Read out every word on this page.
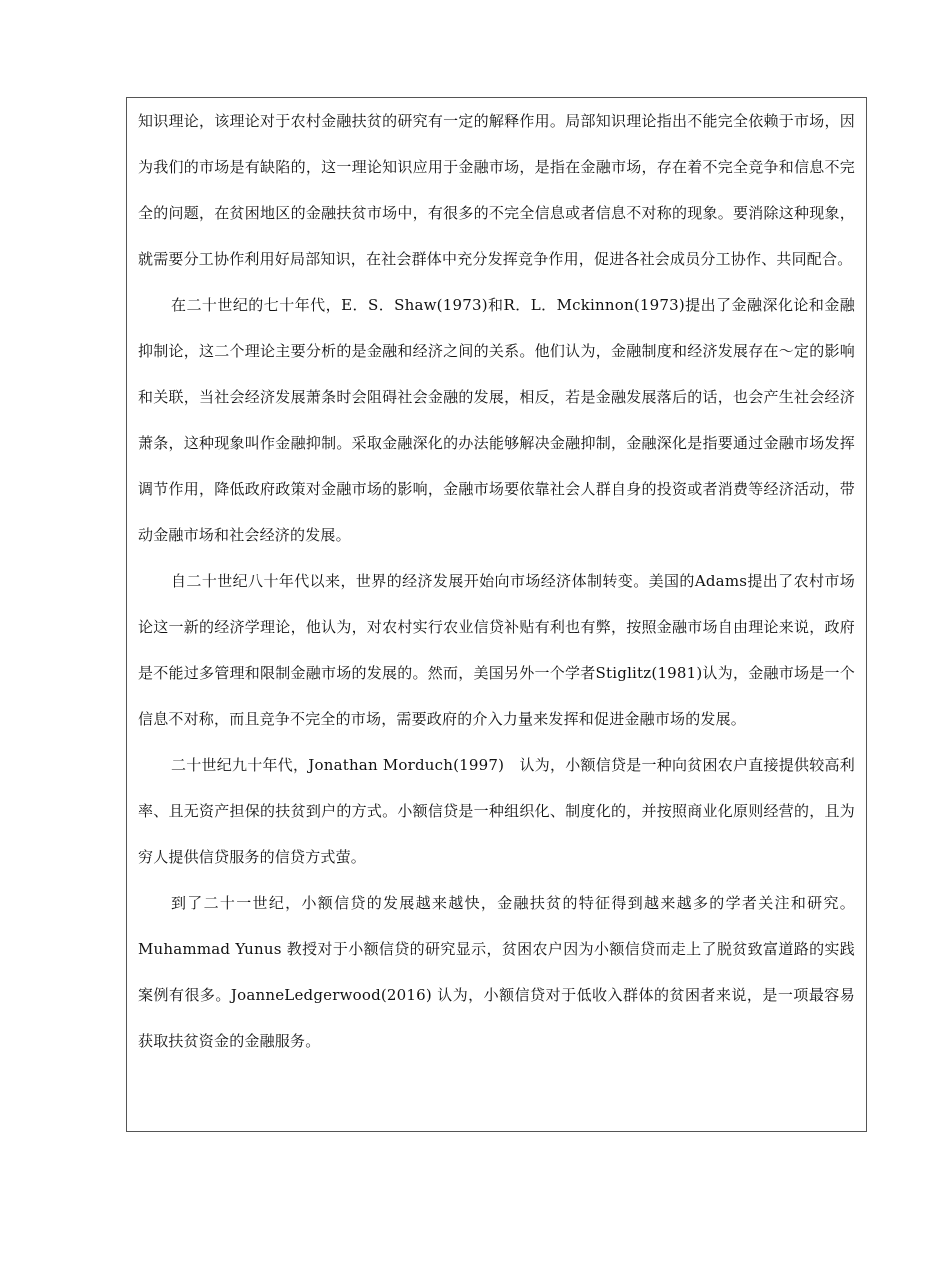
知识理论，该理论对于农村金融扶贫的研究有一定的解释作用。局部知识理论指出不能完全依赖于市场，因为我们的市场是有缺陷的，这一理论知识应用于金融市场，是指在金融市场，存在着不完全竞争和信息不完全的问题，在贫困地区的金融扶贫市场中，有很多的不完全信息或者信息不对称的现象。要消除这种现象，就需要分工协作利用好局部知识，在社会群体中充分发挥竞争作用，促进各社会成员分工协作、共同配合。

在二十世纪的七十年代，E．S．Shaw(1973)和R．L．Mckinnon(1973)提出了金融深化论和金融抑制论，这二个理论主要分析的是金融和经济之间的关系。他们认为，金融制度和经济发展存在～定的影响和关联，当社会经济发展萧条时会阻碍社会金融的发展，相反，若是金融发展落后的话，也会产生社会经济萧条，这种现象叫作金融抑制。采取金融深化的办法能够解决金融抑制，金融深化是指要通过金融市场发挥调节作用，降低政府政策对金融市场的影响，金融市场要依靠社会人群自身的投资或者消费等经济活动，带动金融市场和社会经济的发展。

自二十世纪八十年代以来，世界的经济发展开始向市场经济体制转变。美国的Adams提出了农村市场论这一新的经济学理论，他认为，对农村实行农业信贷补贴有利也有弊，按照金融市场自由理论来说，政府是不能过多管理和限制金融市场的发展的。然而，美国另外一个学者Stiglitz(1981)认为，金融市场是一个信息不对称，而且竞争不完全的市场，需要政府的介入力量来发挥和促进金融市场的发展。

二十世纪九十年代，Jonathan Morduch(1997)　认为，小额信贷是一种向贫困农户直接提供较高利率、且无资产担保的扶贫到户的方式。小额信贷是一种组织化、制度化的，并按照商业化原则经营的，且为穷人提供信贷服务的信贷方式萤。

到了二十一世纪，小额信贷的发展越来越快，金融扶贫的特征得到越来越多的学者关注和研究。Muhammad Yunus 教授对于小额信贷的研究显示，贫困农户因为小额信贷而走上了脱贫致富道路的实践案例有很多。JoanneLedgerwood(2016) 认为，小额信贷对于低收入群体的贫困者来说，是一项最容易获取扶贫资金的金融服务。
